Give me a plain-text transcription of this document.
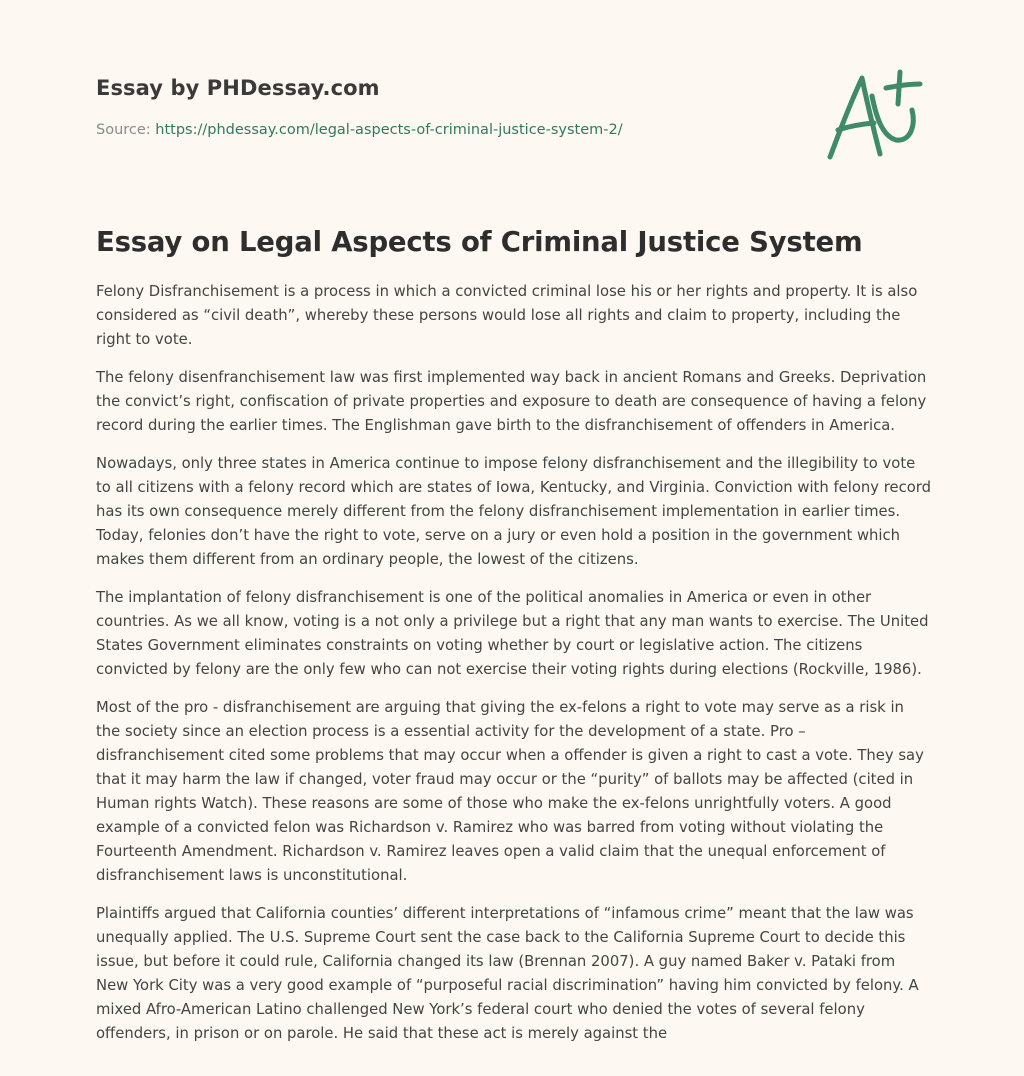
Essay by PHDessay.com
Source: https://phdessay.com/legal-aspects-of-criminal-justice-system-2/
Essay on Legal Aspects of Criminal Justice System

Felony Disfranchisement is a process in which a convicted criminal lose his or her rights and property. It is also considered as “civil death”, whereby these persons would lose all rights and claim to property, including the right to vote.

The felony disenfranchisement law was first implemented way back in ancient Romans and Greeks. Deprivation the convict’s right, confiscation of private properties and exposure to death are consequence of having a felony record during the earlier times. The Englishman gave birth to the disfranchisement of offenders in America.

Nowadays, only three states in America continue to impose felony disfranchisement and the illegibility to vote to all citizens with a felony record which are states of Iowa, Kentucky, and Virginia. Conviction with felony record has its own consequence merely different from the felony disfranchisement implementation in earlier times. Today, felonies don’t have the right to vote, serve on a jury or even hold a position in the government which makes them different from an ordinary people, the lowest of the citizens.

The implantation of felony disfranchisement is one of the political anomalies in America or even in other countries. As we all know, voting is a not only a privilege but a right that any man wants to exercise. The United States Government eliminates constraints on voting whether by court or legislative action. The citizens convicted by felony are the only few who can not exercise their voting rights during elections (Rockville, 1986).

Most of the pro - disfranchisement are arguing that giving the ex-felons a right to vote may serve as a risk in the society since an election process is a essential activity for the development of a state. Pro – disfranchisement cited some problems that may occur when a offender is given a right to cast a vote. They say that it may harm the law if changed, voter fraud may occur or the “purity” of ballots may be affected (cited in Human rights Watch). These reasons are some of those who make the ex-felons unrightfully voters. A good example of a convicted felon was Richardson v. Ramirez who was barred from voting without violating the Fourteenth Amendment. Richardson v. Ramirez leaves open a valid claim that the unequal enforcement of disfranchisement laws is unconstitutional.

Plaintiffs argued that California counties’ different interpretations of “infamous crime” meant that the law was unequally applied. The U.S. Supreme Court sent the case back to the California Supreme Court to decide this issue, but before it could rule, California changed its law (Brennan 2007). A guy named Baker v. Pataki from New York City was a very good example of “purposeful racial discrimination” having him convicted by felony. A mixed Afro-American Latino challenged New York’s federal court who denied the votes of several felony offenders, in prison or on parole. He said that these act is merely against the
